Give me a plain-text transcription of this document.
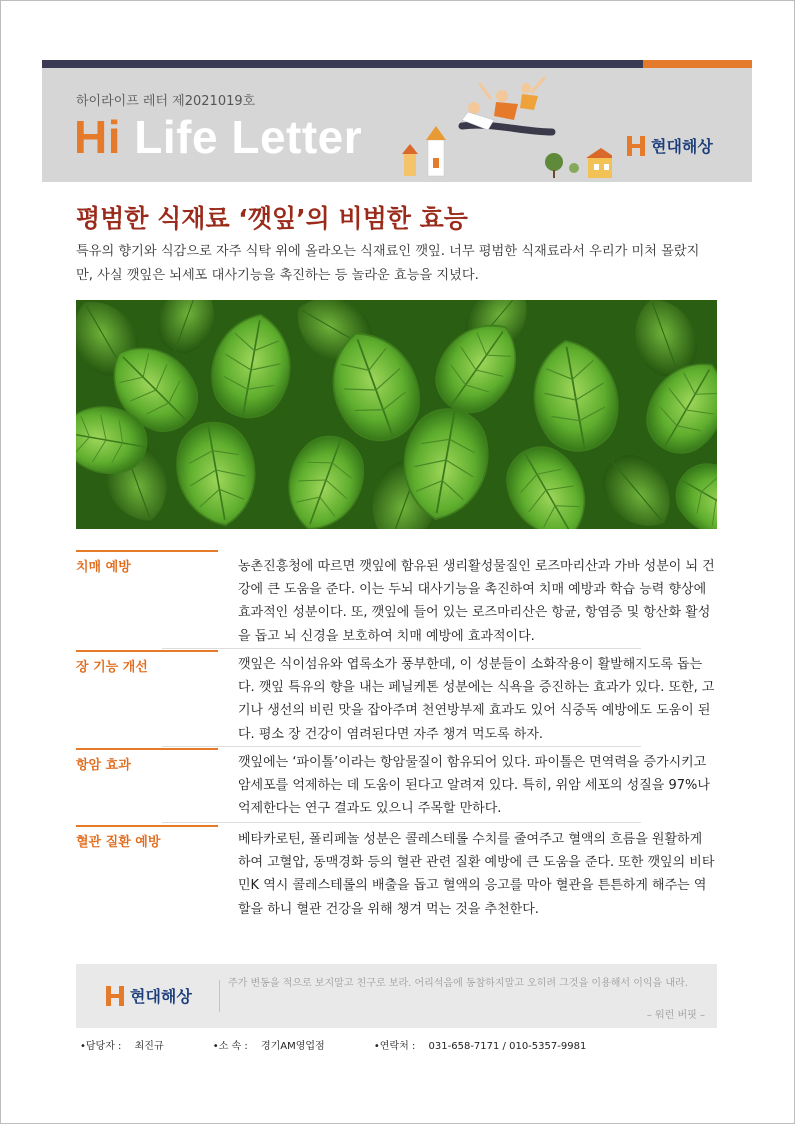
하이라이프 레터 제2021019호
Hi Life Letter	현대해상
평범한 식재료 ‘깻잎’의 비범한 효능
특유의 향기와 식감으로 자주 식탁 위에 올라오는 식재료인 깻잎. 너무 평범한 식재료라서 우리가 미처 몰랐지만, 사실 깻잎은 뇌세포 대사기능을 촉진하는 등 놀라운 효능을 지녔다.
치매 예방	농촌진흥청에 따르면 깻잎에 함유된 생리활성물질인 로즈마리산과 가바 성분이 뇌 건강에 큰 도움을 준다. 이는 두뇌 대사기능을 촉진하여 치매 예방과 학습 능력 향상에 효과적인 성분이다. 또, 깻잎에 들어 있는 로즈마리산은 항균, 항염증 및 항산화 활성을 돕고 뇌 신경을 보호하여 치매 예방에 효과적이다.
장 기능 개선	깻잎은 식이섬유와 엽록소가 풍부한데, 이 성분들이 소화작용이 활발해지도록 돕는다. 깻잎 특유의 향을 내는 페닐케톤 성분에는 식욕을 증진하는 효과가 있다. 또한, 고기나 생선의 비린 맛을 잡아주며 천연방부제 효과도 있어 식중독 예방에도 도움이 된다. 평소 장 건강이 염려된다면 자주 챙겨 먹도록 하자.
항암 효과	깻잎에는 ‘파이톨’이라는 항암물질이 함유되어 있다. 파이톨은 면역력을 증가시키고 암세포를 억제하는 데 도움이 된다고 알려져 있다. 특히, 위암 세포의 성질을 97%나 억제한다는 연구 결과도 있으니 주목할 만하다.
혈관 질환 예방	베타카로틴, 폴리페놀 성분은 콜레스테롤 수치를 줄여주고 혈액의 흐름을 원활하게 하여 고혈압, 동맥경화 등의 혈관 관련 질환 예방에 큰 도움을 준다. 또한 깻잎의 비타민K 역시 콜레스테롤의 배출을 돕고 혈액의 응고를 막아 혈관을 튼튼하게 해주는 역할을 하니 혈관 건강을 위해 챙겨 먹는 것을 추천한다.
현대해상
주가 변동을 적으로 보지말고 친구로 보라. 어리석음에 동참하지말고 오히려 그것을 이용해서 이익을 내라.
– 워런 버핏 –
•담당자 : 최진규	•소 속 : 경기AM영업점	•연락처 : 031-658-7171 / 010-5357-9981
